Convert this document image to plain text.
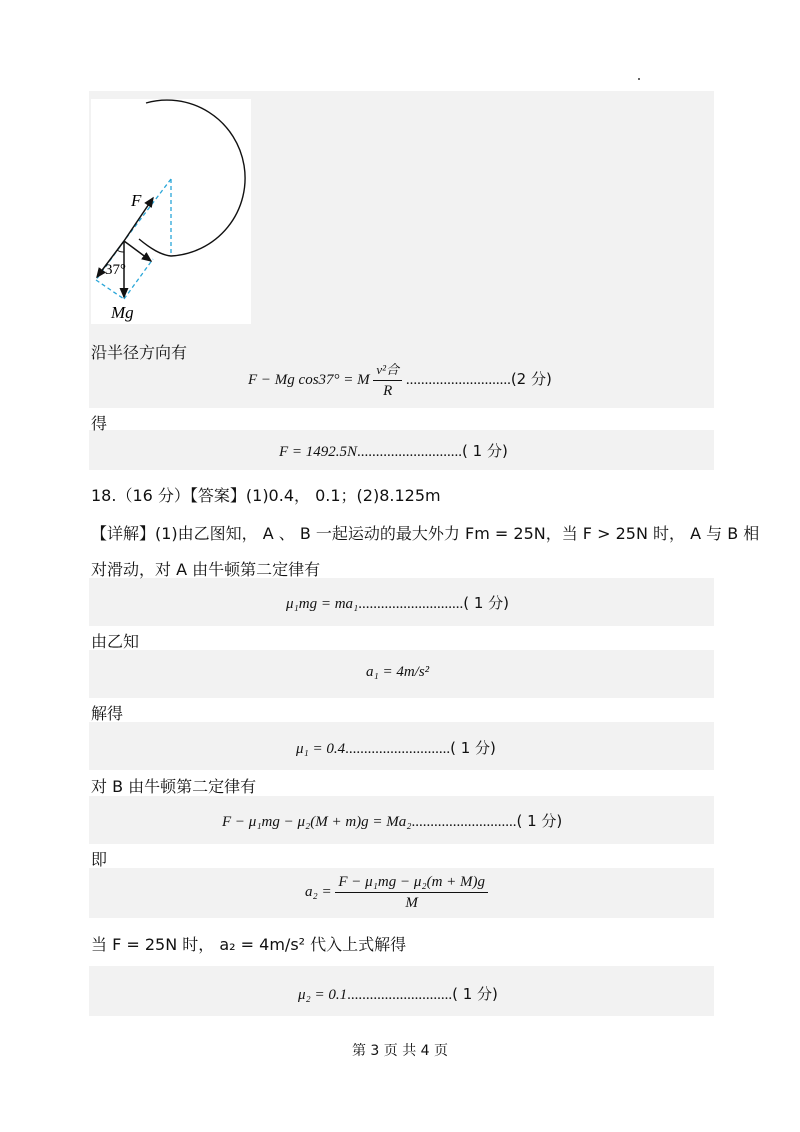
F
37°
Mg
沿半径方向有
F − Mg cos37° = M $\frac{\text{v²合}}{R} ............................(2$ 分)
得
F = 1492.5N............................( 1 分)
18.（16 分）【答案】(1)0.4， 0.1；(2)8.125m
【详解】(1)由乙图知， A 、 B 一起运动的最大外力 Fm = 25N，当 F > 25N 时， A 与 B 相
对滑动，对 A 由牛顿第二定律有
μ₁mg = ma₁............................( 1 分)
由乙知
a₁ = 4m/s²
解得
μ₁ = 0.4............................( 1 分)
对 B 由牛顿第二定律有
F − μ₁mg − μ₂(M + m)g = Ma₂............................( 1 分)
即
$a_2 = \frac{\text{F − μ₁mg − μ₂(m + M)g}}{M}$
当 F = 25N 时， a₂ = 4m/s² 代入上式解得
μ₂ = 0.1............................( 1 分)
第 3 页 共 4 页
